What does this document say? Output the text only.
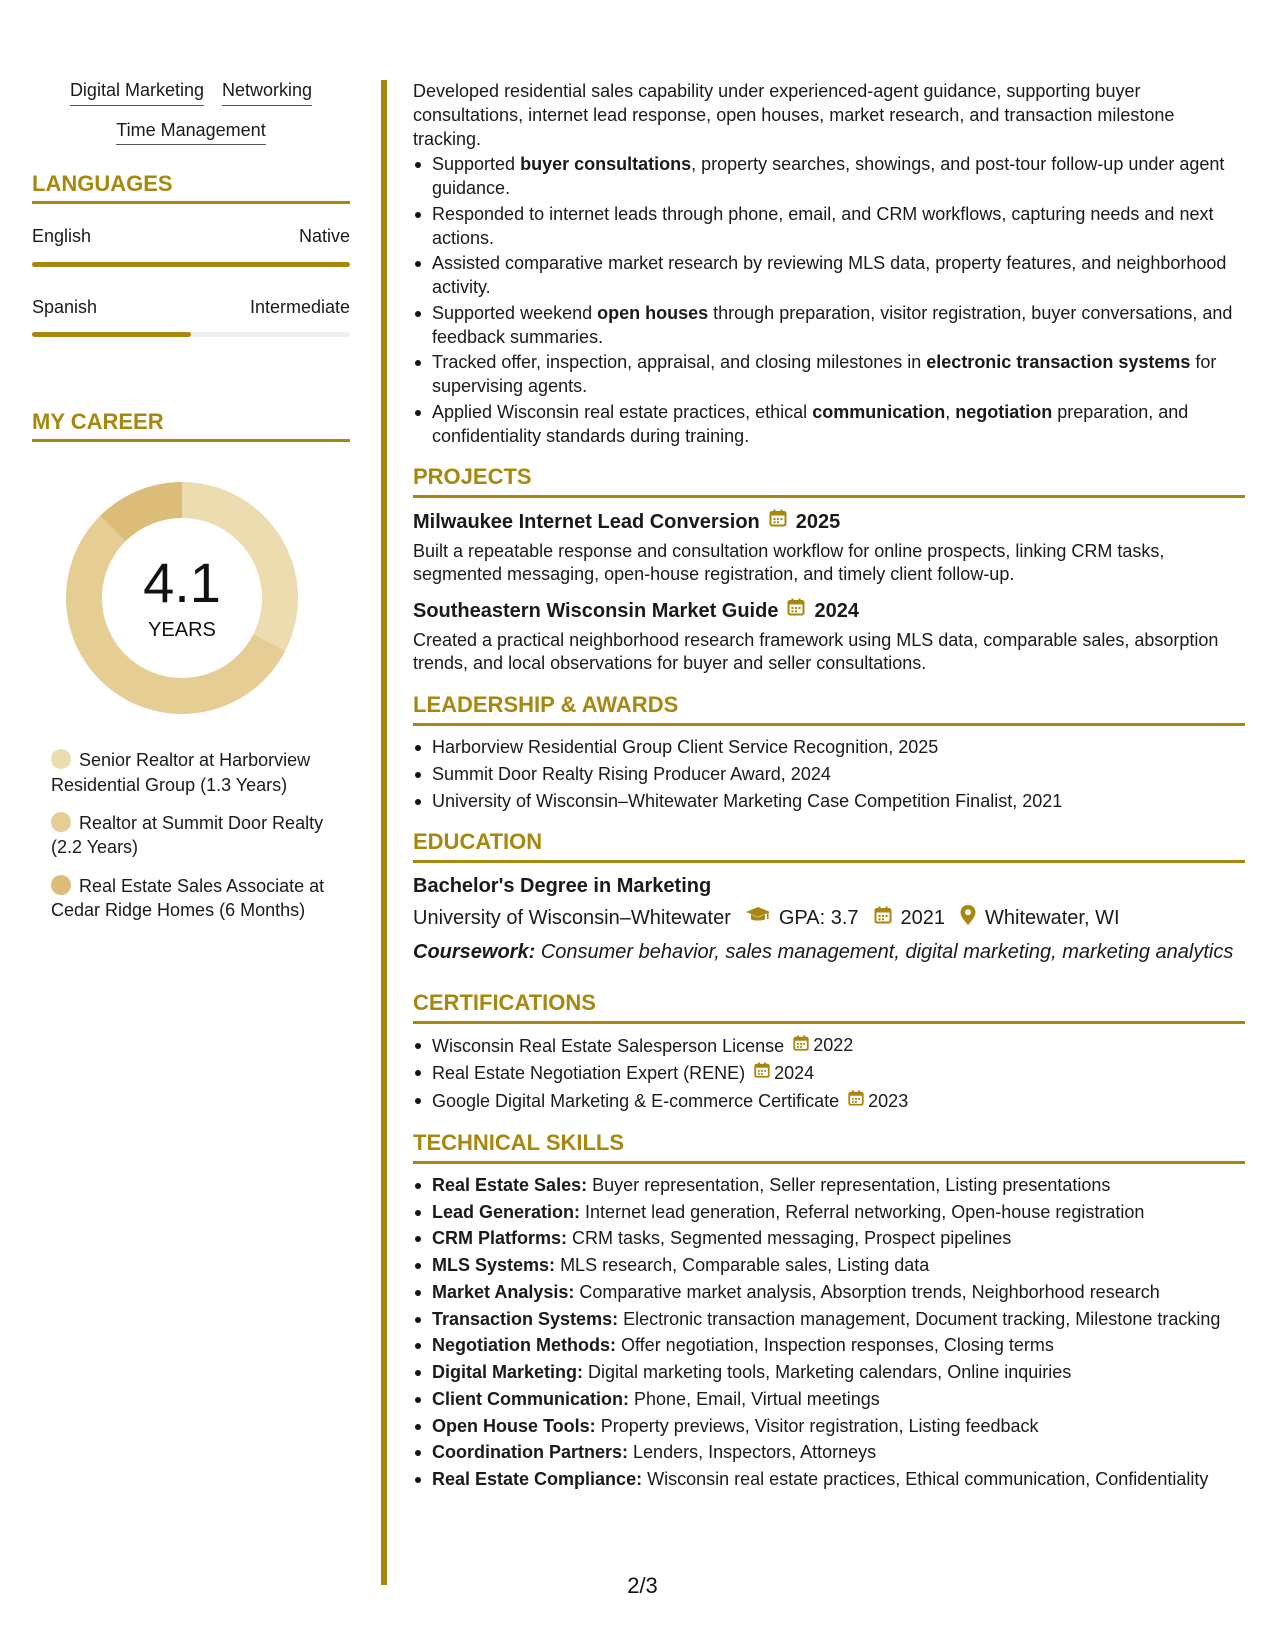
Digital Marketing Networking
Time Management
LANGUAGES
English	Native
Spanish	Intermediate
MY CAREER
4.1
YEARS
Senior Realtor at Harborview Residential Group (1.3 Years)
Realtor at Summit Door Realty (2.2 Years)
Real Estate Sales Associate at Cedar Ridge Homes (6 Months)

Developed residential sales capability under experienced-agent guidance, supporting buyer consultations, internet lead response, open houses, market research, and transaction milestone tracking.

Supported buyer consultations, property searches, showings, and post-tour follow-up under agent guidance.
Responded to internet leads through phone, email, and CRM workflows, capturing needs and next actions.
Assisted comparative market research by reviewing MLS data, property features, and neighborhood activity.
Supported weekend open houses through preparation, visitor registration, buyer conversations, and feedback summaries.
Tracked offer, inspection, appraisal, and closing milestones in electronic transaction systems for supervising agents.
Applied Wisconsin real estate practices, ethical communication, negotiation preparation, and confidentiality standards during training.
PROJECTS
Milwaukee Internet Lead Conversion 2025

Built a repeatable response and consultation workflow for online prospects, linking CRM tasks, segmented messaging, open-house registration, and timely client follow-up.

Southeastern Wisconsin Market Guide 2024

Created a practical neighborhood research framework using MLS data, comparable sales, absorption trends, and local observations for buyer and seller consultations.

LEADERSHIP & AWARDS
Harborview Residential Group Client Service Recognition, 2025
Summit Door Realty Rising Producer Award, 2024
University of Wisconsin–Whitewater Marketing Case Competition Finalist, 2021
EDUCATION
Bachelor's Degree in Marketing
University of Wisconsin–Whitewater GPA: 3.7 2021 Whitewater, WI
Coursework: Consumer behavior, sales management, digital marketing, marketing analytics
CERTIFICATIONS
Wisconsin Real Estate Salesperson License 2022
Real Estate Negotiation Expert (RENE) 2024
Google Digital Marketing & E-commerce Certificate 2023
TECHNICAL SKILLS
Real Estate Sales: Buyer representation, Seller representation, Listing presentations
Lead Generation: Internet lead generation, Referral networking, Open-house registration
CRM Platforms: CRM tasks, Segmented messaging, Prospect pipelines
MLS Systems: MLS research, Comparable sales, Listing data
Market Analysis: Comparative market analysis, Absorption trends, Neighborhood research
Transaction Systems: Electronic transaction management, Document tracking, Milestone tracking
Negotiation Methods: Offer negotiation, Inspection responses, Closing terms
Digital Marketing: Digital marketing tools, Marketing calendars, Online inquiries
Client Communication: Phone, Email, Virtual meetings
Open House Tools: Property previews, Visitor registration, Listing feedback
Coordination Partners: Lenders, Inspectors, Attorneys
Real Estate Compliance: Wisconsin real estate practices, Ethical communication, Confidentiality
2/3
